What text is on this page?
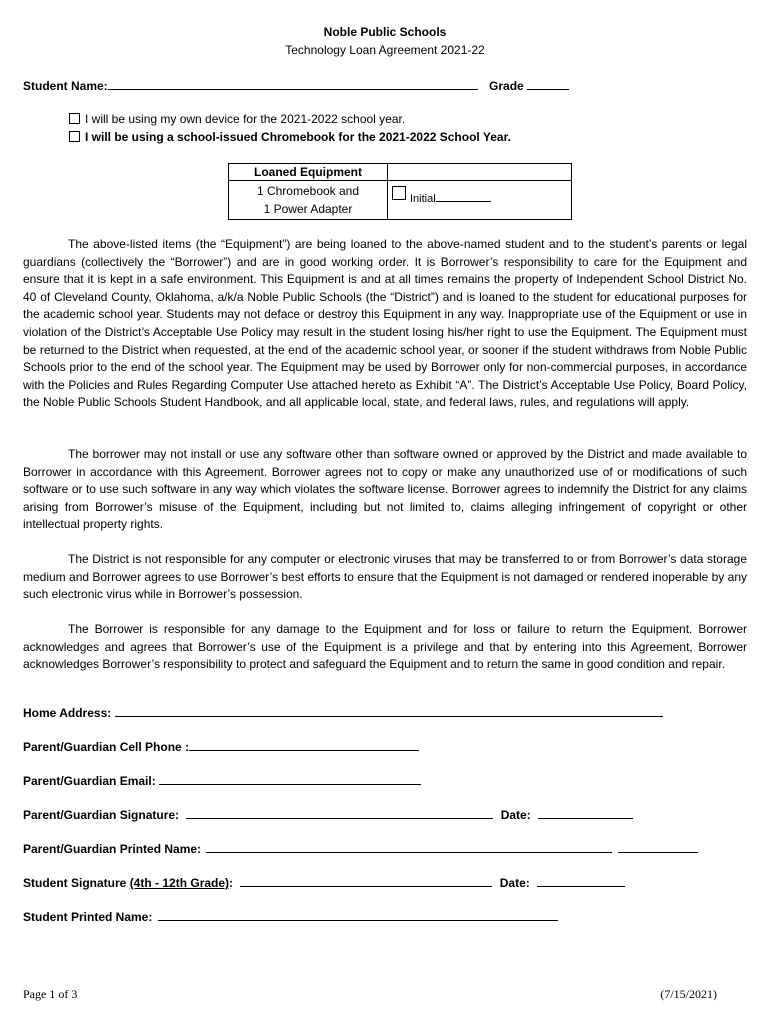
Noble Public Schools
Technology Loan Agreement 2021-22
Student Name:	Grade
I will be using my own device for the 2021-2022 school year.
I will be using a school-issued Chromebook for the 2021-2022 School Year.
Loaned Equipment	

1 Chromebook and
1 Power Adapter	Initial

The above-listed items (the “Equipment”) are being loaned to the above-named student and to the student’s parents or legal guardians (collectively the “Borrower”) and are in good working order. It is Borrower’s responsibility to care for the Equipment and ensure that it is kept in a safe environment. This Equipment is and at all times remains the property of Independent School District No. 40 of Cleveland County, Oklahoma, a/k/a Noble Public Schools (the “District”) and is loaned to the student for educational purposes for the academic school year. Students may not deface or destroy this Equipment in any way. Inappropriate use of the Equipment or use in violation of the District’s Acceptable Use Policy may result in the student losing his/her right to use the Equipment. The Equipment must be returned to the District when requested, at the end of the academic school year, or sooner if the student withdraws from Noble Public Schools prior to the end of the school year. The Equipment may be used by Borrower only for non-commercial purposes, in accordance with the Policies and Rules Regarding Computer Use attached hereto as Exhibit “A”. The District’s Acceptable Use Policy, Board Policy, the Noble Public Schools Student Handbook, and all applicable local, state, and federal laws, rules, and regulations will apply.

The borrower may not install or use any software other than software owned or approved by the District and made available to Borrower in accordance with this Agreement. Borrower agrees not to copy or make any unauthorized use of or modifications of such software or to use such software in any way which violates the software license. Borrower agrees to indemnify the District for any claims arising from Borrower’s misuse of the Equipment, including but not limited to, claims alleging infringement of copyright or other intellectual property rights.

The District is not responsible for any computer or electronic viruses that may be transferred to or from Borrower’s data storage medium and Borrower agrees to use Borrower’s best efforts to ensure that the Equipment is not damaged or rendered inoperable by any such electronic virus while in Borrower’s possession.

The Borrower is responsible for any damage to the Equipment and for loss or failure to return the Equipment. Borrower acknowledges and agrees that Borrower’s use of the Equipment is a privilege and that by entering into this Agreement, Borrower acknowledges Borrower’s responsibility to protect and safeguard the Equipment and to return the same in good condition and repair.

Home Address:
Parent/Guardian Cell Phone :
Parent/Guardian Email:
Parent/Guardian Signature:	Date:
Parent/Guardian Printed Name:
Student Signature (4th - 12th Grade):	Date:
Student Printed Name:
Page 1 of 3	(7/15/2021)
